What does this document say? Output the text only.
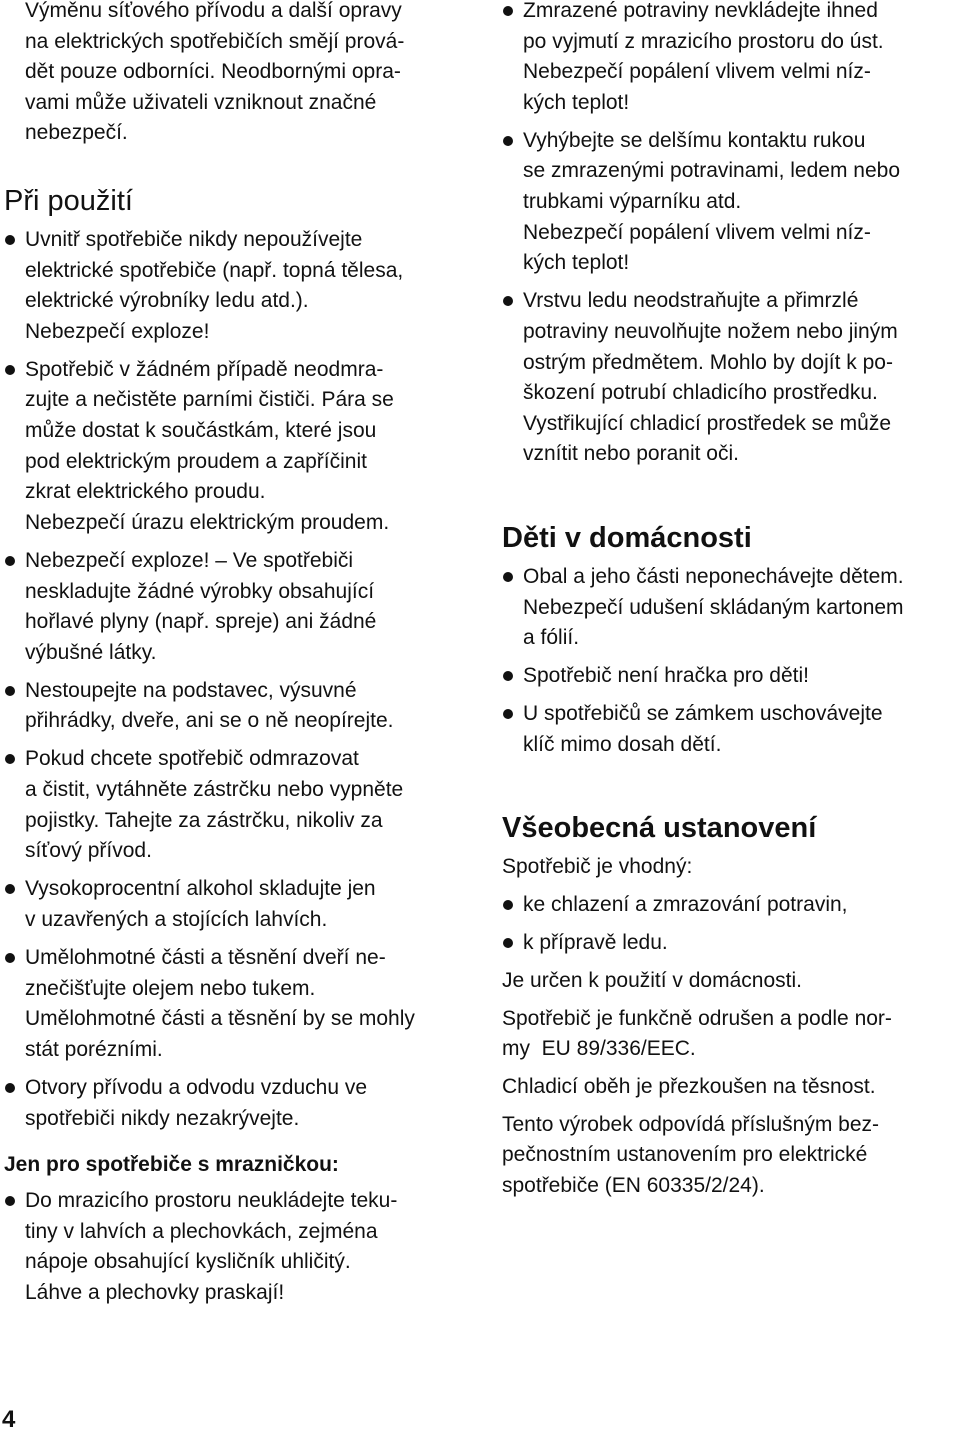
Výměnu síťového přívodu a další opravy
na elektrických spotřebičích smějí prová-
dět pouze odborníci. Neodbornými opra-
vami může uživateli vzniknout značné
nebezpečí.
Při použití
Uvnitř spotřebiče nikdy nepoužívejte
elektrické spotřebiče (např. topná tělesa,
elektrické výrobníky ledu atd.).
Nebezpečí exploze!
Spotřebič v žádném případě neodmra-
zujte a nečistěte parními čističi. Pára se
může dostat k součástkám, které jsou
pod elektrickým proudem a zapříčinit
zkrat elektrického proudu.
Nebezpečí úrazu elektrickým proudem.
Nebezpečí exploze! – Ve spotřebiči
neskladujte žádné výrobky obsahující
hořlavé plyny (např. spreje) ani žádné
výbušné látky.
Nestoupejte na podstavec, výsuvné
přihrádky, dveře, ani se o ně neopírejte.
Pokud chcete spotřebič odmrazovat
a čistit, vytáhněte zástrčku nebo vypněte
pojistky. Tahejte za zástrčku, nikoliv za
síťový přívod.
Vysokoprocentní alkohol skladujte jen
v uzavřených a stojících lahvích.
Umělohmotné části a těsnění dveří ne-
znečišťujte olejem nebo tukem.
Umělohmotné části a těsnění by se mohly
stát porézními.
Otvory přívodu a odvodu vzduchu ve
spotřebiči nikdy nezakrývejte.
Jen pro spotřebiče s mrazničkou:
Do mrazicího prostoru neukládejte teku-
tiny v lahvích a plechovkách, zejména
nápoje obsahující kysličník uhličitý.
Láhve a plechovky praskají!
Zmrazené potraviny nevkládejte ihned
po vyjmutí z mrazicího prostoru do úst.
Nebezpečí popálení vlivem velmi níz-
kých teplot!
Vyhýbejte se delšímu kontaktu rukou
se zmrazenými potravinami, ledem nebo
trubkami výparníku atd.
Nebezpečí popálení vlivem velmi níz-
kých teplot!
Vrstvu ledu neodstraňujte a přimrzlé
potraviny neuvolňujte nožem nebo jiným
ostrým předmětem. Mohlo by dojít k po-
škození potrubí chladicího prostředku.
Vystřikující chladicí prostředek se může
vznítit nebo poranit oči.
Děti v domácnosti
Obal a jeho části neponechávejte dětem.
Nebezpečí udušení skládaným kartonem
a fólií.
Spotřebič není hračka pro děti!
U spotřebičů se zámkem uschovávejte
klíč mimo dosah dětí.
Všeobecná ustanovení
Spotřebič je vhodný:
ke chlazení a zmrazování potravin,
k přípravě ledu.
Je určen k použití v domácnosti.
Spotřebič je funkčně odrušen a podle nor-
my  EU 89/336/EEC.
Chladicí oběh je přezkoušen na těsnost.
Tento výrobek odpovídá příslušným bez-
pečnostním ustanovením pro elektrické
spotřebiče (EN 60335/2/24).
4
